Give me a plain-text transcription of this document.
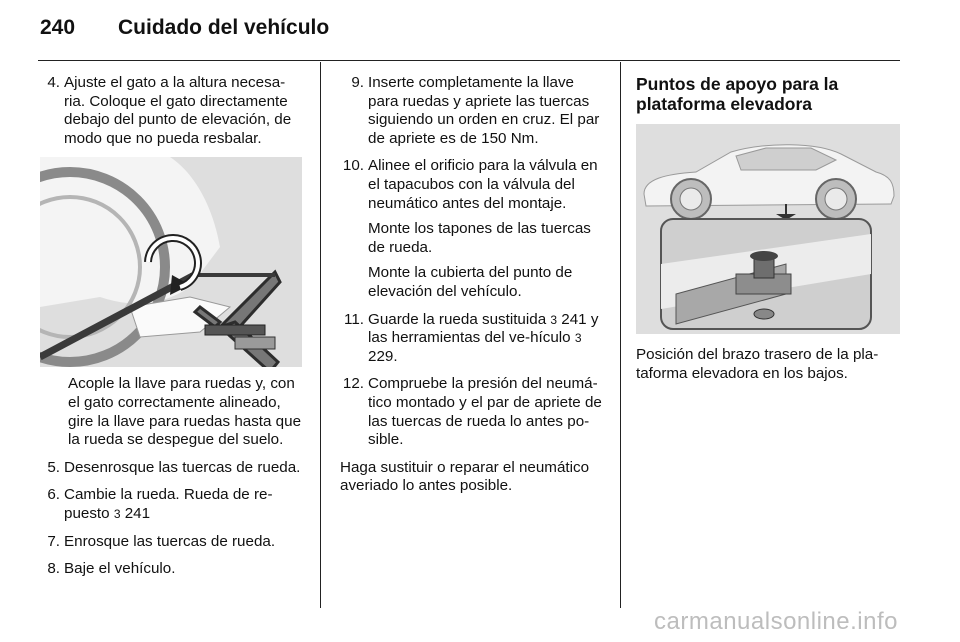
240	Cuidado del vehículo
4. Ajuste el gato a la altura necesa-ria. Coloque el gato directamente debajo del punto de elevación, de modo que no pueda resbalar.
Acople la llave para ruedas y, con el gato correctamente alineado, gire la llave para ruedas hasta que la rueda se despegue del suelo.
5. Desenrosque las tuercas de rueda.
6. Cambie la rueda. Rueda de re-puesto 3 241
7. Enrosque las tuercas de rueda.
8. Baje el vehículo.
9. Inserte completamente la llave para ruedas y apriete las tuercas siguiendo un orden en cruz. El par de apriete es de 150 Nm.
10. Alinee el orificio para la válvula en el tapacubos con la válvula del neumático antes del montaje.
Monte los tapones de las tuercas de rueda.
Monte la cubierta del punto de elevación del vehículo.
11. Guarde la rueda sustituida 3 241 y las herramientas del ve-hículo 3 229.
12. Compruebe la presión del neumá-tico montado y el par de apriete de las tuercas de rueda lo antes po-sible.
Haga sustituir o reparar el neumático averiado lo antes posible.
Puntos de apoyo para la plataforma elevadora
Posición del brazo trasero de la pla-taforma elevadora en los bajos.
carmanualsonline.info
